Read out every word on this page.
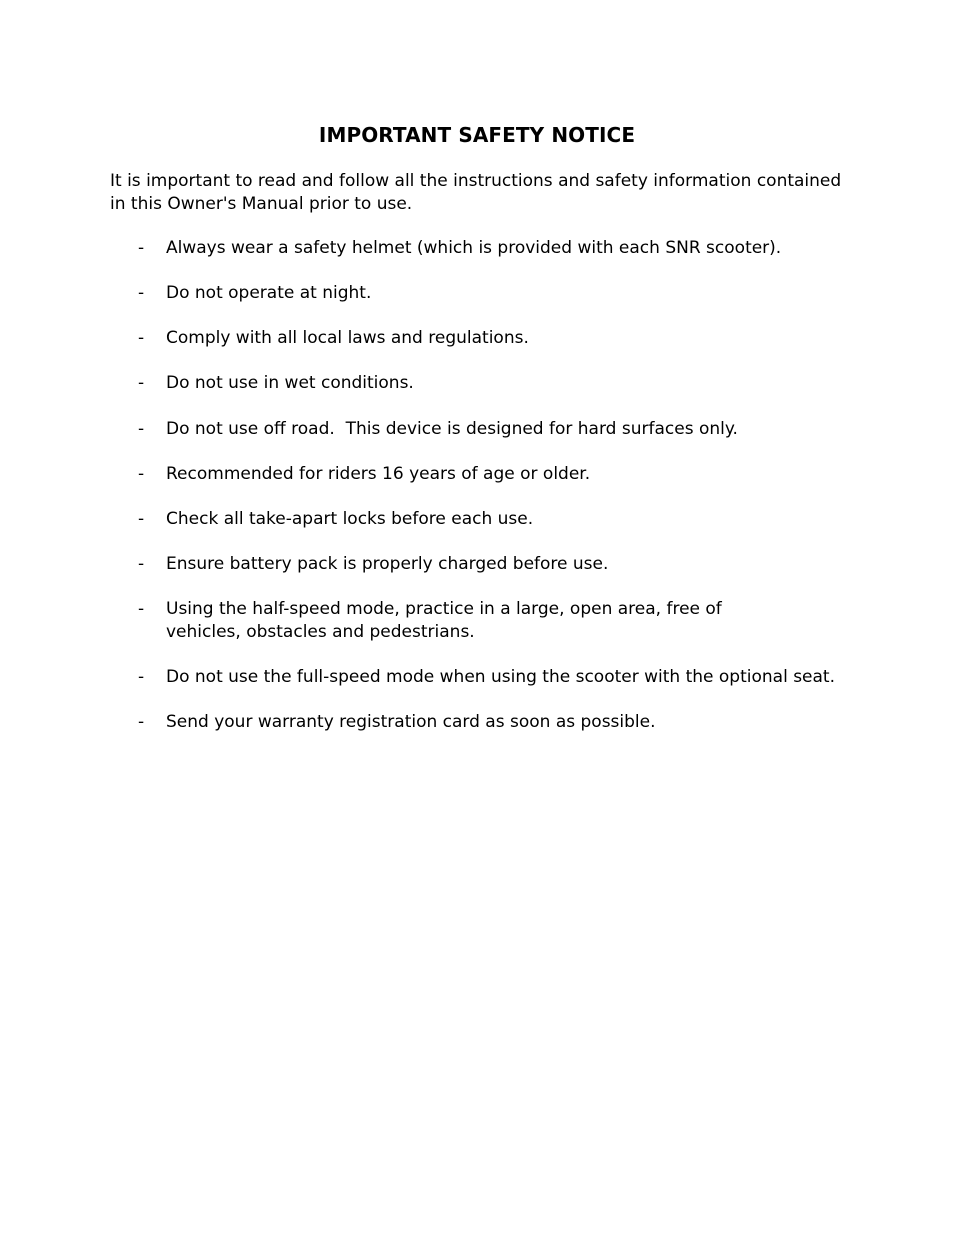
IMPORTANT SAFETY NOTICE
It is important to read and follow all the instructions and safety information contained in this Owner's Manual prior to use.
- Always wear a safety helmet (which is provided with each SNR scooter).
- Do not operate at night.
- Comply with all local laws and regulations.
- Do not use in wet conditions.
- Do not use off road.  This device is designed for hard surfaces only.
- Recommended for riders 16 years of age or older.
- Check all take-apart locks before each use.
- Ensure battery pack is properly charged before use.
- Using the half-speed mode, practice in a large, open area, free of vehicles, obstacles and pedestrians.
- Do not use the full-speed mode when using the scooter with the optional seat.
- Send your warranty registration card as soon as possible.
